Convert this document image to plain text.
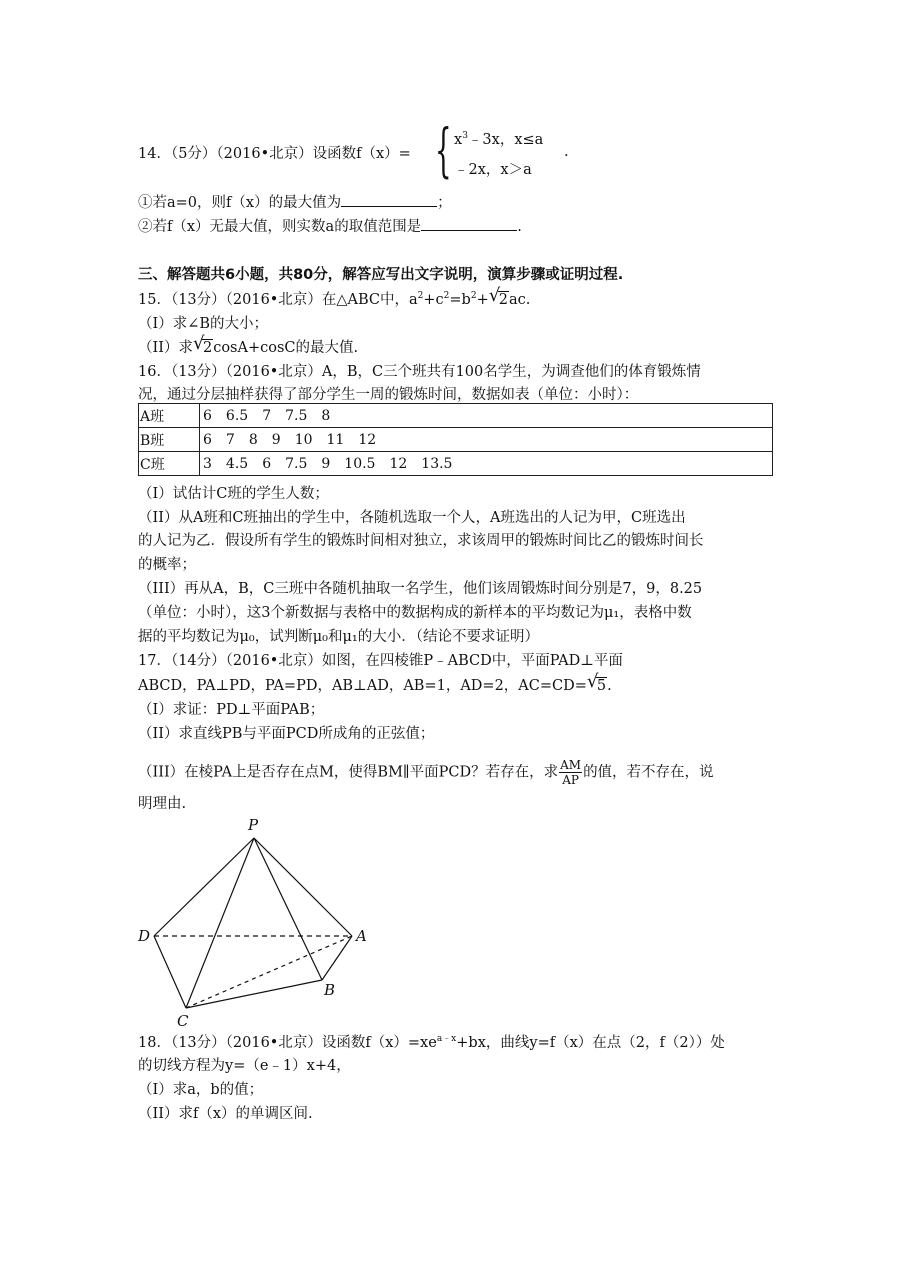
14．（5分）（2016•北京）设函数f（x）= { $x^3﹣3x$，x≤a
﹣2x，x＞a
.
①若a=0，则f（x）的最大值为	；
②若f（x）无最大值，则实数a的取值范围是	.
三、解答题共6小题，共80分，解答应写出文字说明，演算步骤或证明过程.
15．（13分）（2016•北京）在△ABC中，$a^2+c^2=b^2+$ √ 2ac.
（I）求∠B的大小；
（II）求 √ 2cosA+cosC的最大值.
16．（13分）（2016•北京）A，B，C三个班共有100名学生，为调查他们的体育锻炼情
况，通过分层抽样获得了部分学生一周的锻炼时间，数据如表（单位：小时）：
A班	6 6.5 7 7.5 8
B班	6 7 8 9 10 11 12
C班	3 4.5 6 7.5 9 10.5 12 13.5
（I）试估计C班的学生人数；
（II）从A班和C班抽出的学生中，各随机选取一个人，A班选出的人记为甲，C班选出
的人记为乙．假设所有学生的锻炼时间相对独立，求该周甲的锻炼时间比乙的锻炼时间长
的概率；
（III）再从A，B，C三班中各随机抽取一名学生，他们该周锻炼时间分别是7，9，8.25
（单位：小时），这3个新数据与表格中的数据构成的新样本的平均数记为μ₁，表格中数
据的平均数记为μ₀，试判断μ₀和μ₁的大小．（结论不要求证明）
17．（14分）（2016•北京）如图，在四棱锥P﹣ABCD中，平面PAD⊥平面
ABCD，PA⊥PD，PA=PD，AB⊥AD，AB=1，AD=2，AC=CD= √ 5.
（I）求证：PD⊥平面PAB；
（II）求直线PB与平面PCD所成角的正弦值；
（III）在棱PA上是否存在点M，使得BM∥平面PCD？若存在，求 $\frac{AM}{AP}$ 的值，若不存在，说
明理由.
P
D	A
B
C
18．（13分）（2016•北京）设函数$f(x)=xe^{a﹣x}+bx$，曲线y=f（x）在点（2，f（2））处
的切线方程为y=（e﹣1）x+4，
（I）求a，b的值；
（II）求f（x）的单调区间.
